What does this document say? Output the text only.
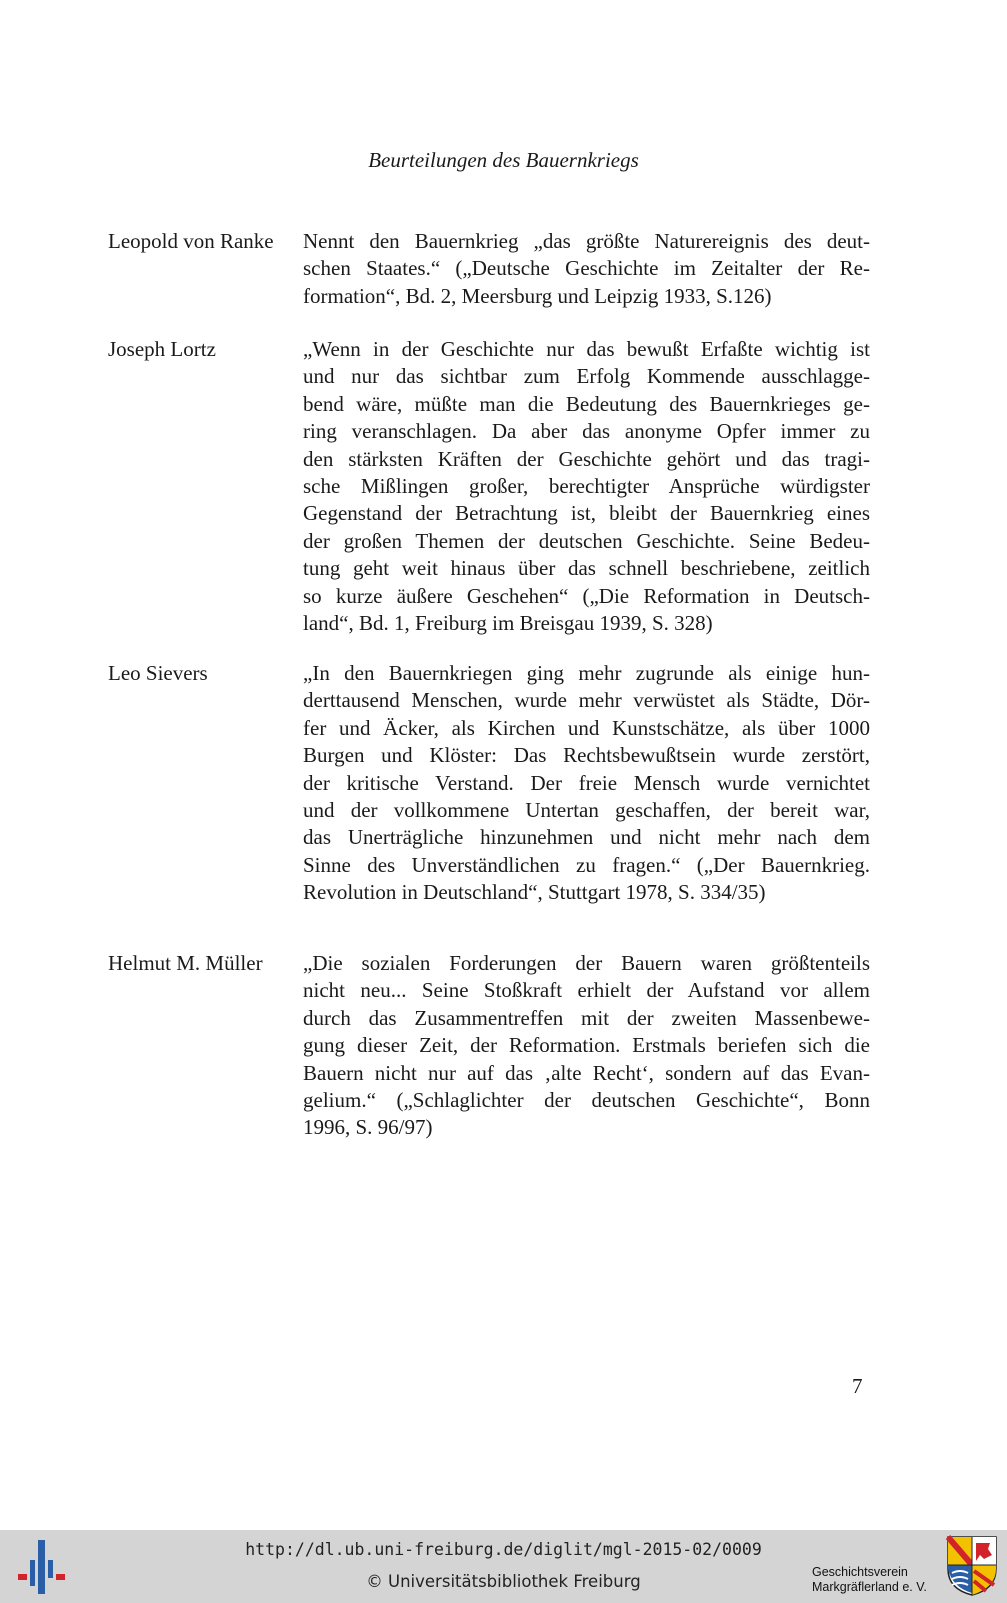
Beurteilungen des Bauernkriegs
Leopold von Ranke	Nennt den Bauernkrieg „das größte Naturereignis des deut-
schen Staates.“ („Deutsche Geschichte im Zeitalter der Re-
formation“, Bd. 2, Meersburg und Leipzig 1933, S.126)
Joseph Lortz	„Wenn in der Geschichte nur das bewußt Erfaßte wichtig ist
und nur das sichtbar zum Erfolg Kommende ausschlagge-
bend wäre, müßte man die Bedeutung des Bauernkrieges ge-
ring veranschlagen. Da aber das anonyme Opfer immer zu
den stärksten Kräften der Geschichte gehört und das tragi-
sche Mißlingen großer, berechtigter Ansprüche würdigster
Gegenstand der Betrachtung ist, bleibt der Bauernkrieg eines
der großen Themen der deutschen Geschichte. Seine Bedeu-
tung geht weit hinaus über das schnell beschriebene, zeitlich
so kurze äußere Geschehen“ („Die Reformation in Deutsch-
land“, Bd. 1, Freiburg im Breisgau 1939, S. 328)
Leo Sievers	„In den Bauernkriegen ging mehr zugrunde als einige hun-
derttausend Menschen, wurde mehr verwüstet als Städte, Dör-
fer und Äcker, als Kirchen und Kunstschätze, als über 1000
Burgen und Klöster: Das Rechtsbewußtsein wurde zerstört,
der kritische Verstand. Der freie Mensch wurde vernichtet
und der vollkommene Untertan geschaffen, der bereit war,
das Unerträgliche hinzunehmen und nicht mehr nach dem
Sinne des Unverständlichen zu fragen.“ („Der Bauernkrieg.
Revolution in Deutschland“, Stuttgart 1978, S. 334/35)
Helmut M. Müller	„Die sozialen Forderungen der Bauern waren größtenteils
nicht neu... Seine Stoßkraft erhielt der Aufstand vor allem
durch das Zusammentreffen mit der zweiten Massenbewe-
gung dieser Zeit, der Reformation. Erstmals beriefen sich die
Bauern nicht nur auf das ‚alte Recht‘, sondern auf das Evan-
gelium.“ („Schlaglichter der deutschen Geschichte“, Bonn
1996, S. 96/97)
7
http://dl.ub.uni-freiburg.de/diglit/mgl-2015-02/0009
© Universitätsbibliothek Freiburg	Geschichtsverein
Markgräflerland e. V.
